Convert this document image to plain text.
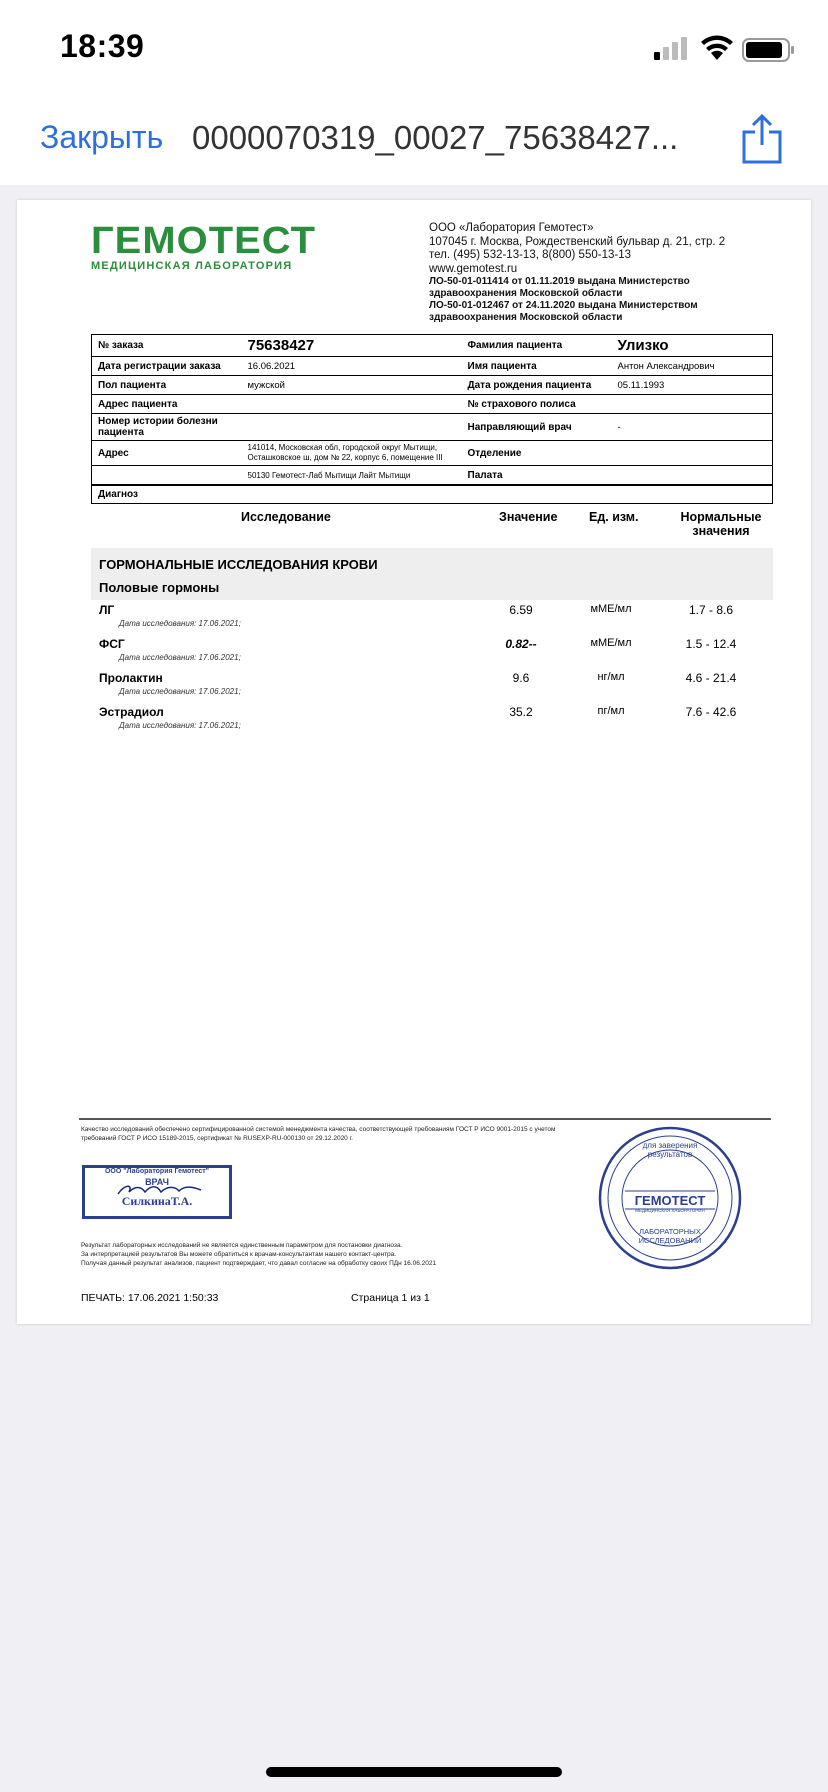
18:39
Закрыть 0000070319_00027_75638427...
ГЕМОТЕСТ
МЕДИЦИНСКАЯ ЛАБОРАТОРИЯ
ООО «Лаборатория Гемотест»
107045 г. Москва, Рождественский бульвар д. 21, стр. 2
тел. (495) 532-13-13, 8(800) 550-13-13
www.gemotest.ru
ЛО-50-01-011414 от 01.11.2019 выдана Министерство здравоохранения Московской области
ЛО-50-01-012467 от 24.11.2020 выдана Министерством здравоохранения Московской области
№ заказа	75638427	Фамилия пациента	Улизко
Дата регистрации заказа	16.06.2021	Имя пациента	Антон Александрович
Пол пациента	мужской	Дата рождения пациента	05.11.1993
Адрес пациента		№ страхового полиса	
Номер истории болезни пациента		Направляющий врач	-
Адрес	141014, Московская обл, городской округ Мытищи, Осташковское ш, дом № 22, корпус 6, помещение III	Отделение	
	50130 Гемотест-Лаб Мытищи Лайт Мытищи	Палата	
Диагноз
Исследование	Значение	Ед. изм.	Нормальные значения
ГОРМОНАЛЬНЫЕ ИССЛЕДОВАНИЯ КРОВИ
Половые гормоны
ЛГ
Дата исследования: 17.06.2021;
6.59	мМЕ/мл	1.7 - 8.6
ФСГ
Дата исследования: 17.06.2021;
0.82--	мМЕ/мл	1.5 - 12.4
Пролактин
Дата исследования: 17.06.2021;
9.6	нг/мл	4.6 - 21.4
Эстрадиол
Дата исследования: 17.06.2021;
35.2	пг/мл	7.6 - 42.6
Качество исследований обеспечено сертифицированной системой менеджмента качества, соответствующей требованиям ГОСТ Р ИСО 9001-2015 с учетом требований ГОСТ Р ИСО 15189-2015, сертификат № RUSEXP-RU-000130 от 29.12.2020 г.
ООО "Лаборатория Гемотест"
ВРАЧ
СилкинаТ.А.
для заверения результатов
ГЕМОТЕСТ
МЕДИЦИНСКАЯ ЛАБОРАТОРИЯ
ЛАБОРАТОРНЫХ ИССЛЕДОВАНИЙ
Результат лабораторных исследований не является единственным параметром для постановки диагноза.
За интерпретацией результатов Вы можете обратиться к врачам-консультантам нашего контакт-центра.
Получая данный результат анализов, пациент подтверждает, что давал согласие на обработку своих ПДн 16.06.2021
ПЕЧАТЬ: 17.06.2021 1:50:33	Страница 1 из 1
